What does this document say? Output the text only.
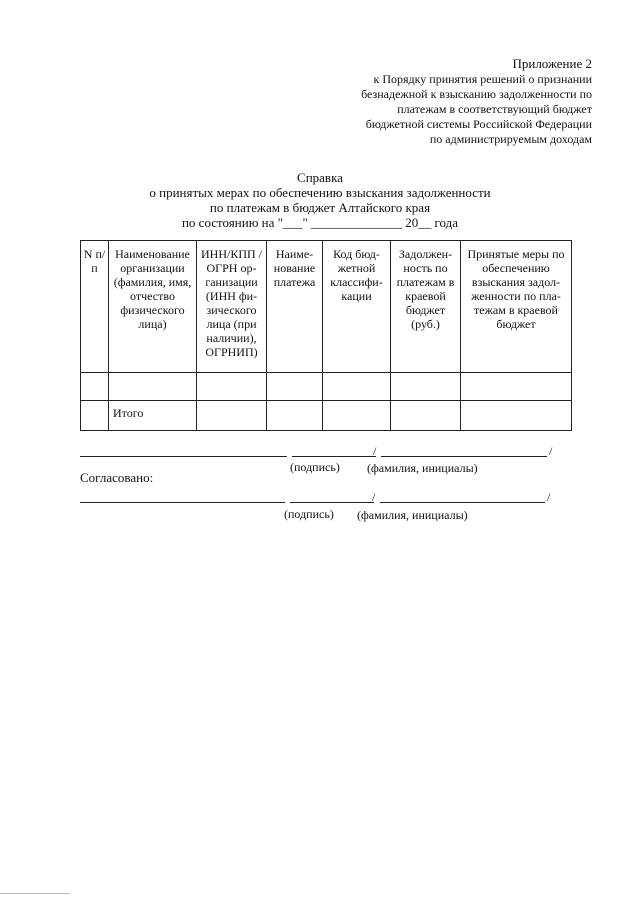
Приложение 2
к Порядку принятия решений о признании
безнадежной к взысканию задолженности по
платежам в соответствующий бюджет
бюджетной системы Российской Федерации
по администрируемым доходам
Справка
о принятых мерах по обеспечению взыскания задолженности
по платежам в бюджет Алтайского края
по состоянию на "___" ______________ 20__ года
N п/п	Наименование организации (фамилия, имя, отчество физического лица)	ИНН/КПП /ОГРН ор- ганизации (ИНН фи- зического лица (при наличии), ОГРНИП)	Наиме- нование платежа	Код бюд- жетной классифи- кации	Задолжен- ность по платежам в краевой бюджет (руб.)	Принятые меры по обеспечению взыскания задол- женности по пла- тежам в краевой бюджет

	Итого					
/	/
(подпись) (фамилия, инициалы)
Согласовано:
/	/
(подпись) (фамилия, инициалы)
